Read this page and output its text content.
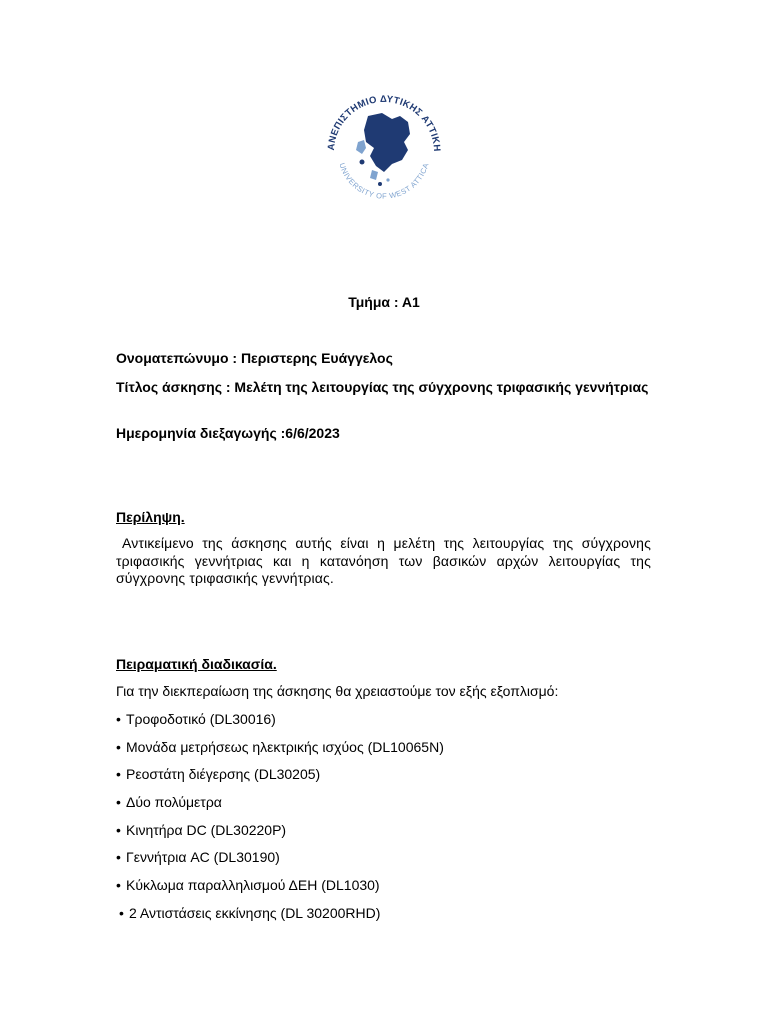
ΑΝΕΠΙΣΤΗΜΙΟ ΔΥΤΙΚΗΣ ΑΤΤΙΚΗ
UNIVERSITY OF WEST ATTICA
Τμήμα : Α1
Ονοματεπώνυμο : Περιστερης Ευάγγελος
Τίτλος άσκησης : Μελέτη της λειτουργίας της σύγχρονης τριφασικής γεννήτριας
Ημερομηνία διεξαγωγής :6/6/2023
Περίληψη.
Αντικείμενο της άσκησης αυτής είναι η μελέτη της λειτουργίας της σύγχρονης τριφασικής γεννήτριας και η κατανόηση των βασικών αρχών λειτουργίας της σύγχρονης τριφασικής γεννήτριας.
Πειραματική διαδικασία.
Για την διεκπεραίωση της άσκησης θα χρειαστούμε τον εξής εξοπλισμό:
• Τροφοδοτικό (DL30016)
• Μονάδα μετρήσεως ηλεκτρικής ισχύος (DL10065N)
• Ρεοστάτη διέγερσης (DL30205)
• Δύο πολύμετρα
• Κινητήρα DC (DL30220P)
• Γεννήτρια AC (DL30190)
• Κύκλωμα παραλληλισμού ΔΕΗ (DL1030)
• 2 Αντιστάσεις εκκίνησης (DL 30200RHD)
